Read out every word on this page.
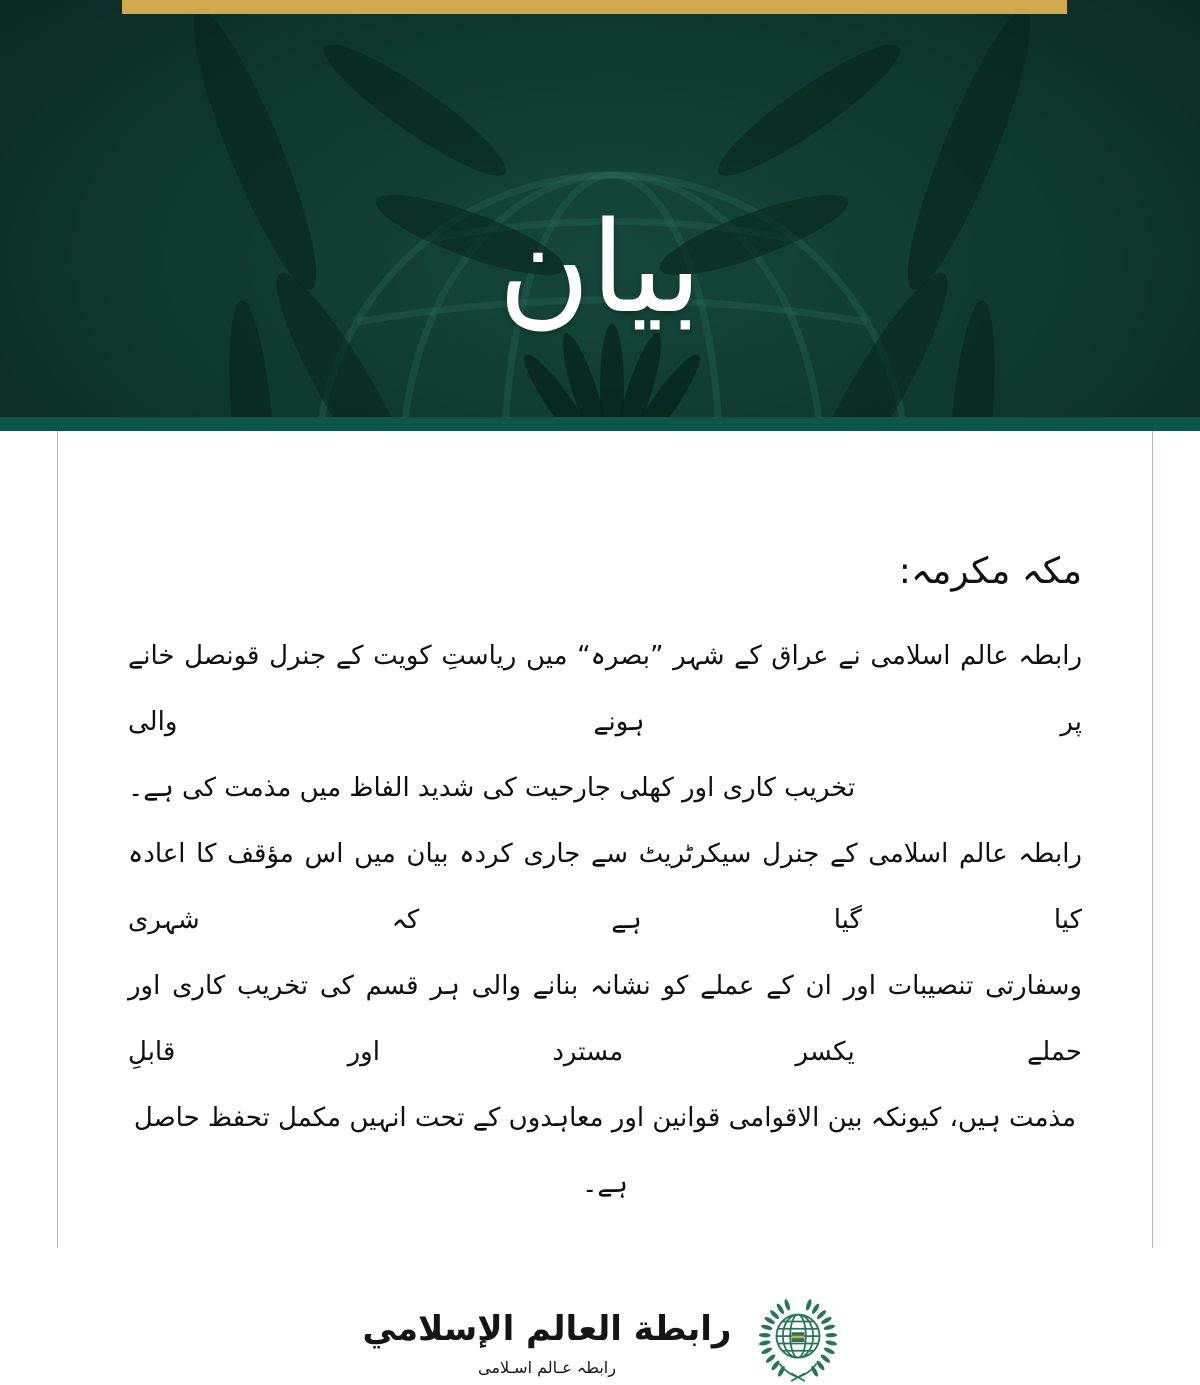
بیان
مکہ مکرمہ:

رابطہ عالم اسلامی نے عراق کے شہر ”بصرہ“ میں ریاستِ کویت کے جنرل قونصل خانے پر ہونے والی
تخریب کاری اور کھلی جارحیت کی شدید الفاظ میں مذمت کی ہے۔

رابطہ عالم اسلامی کے جنرل سیکرٹریٹ سے جاری کردہ بیان میں اس مؤقف کا اعادہ کیا گیا ہے کہ شہری
وسفارتی تنصیبات اور ان کے عملے کو نشانہ بنانے والی ہر قسم کی تخریب کاری اور حملے یکسر مسترد اور قابلِ
مذمت ہیں، کیونکہ بین الاقوامی قوانین اور معاہدوں کے تحت انہیں مکمل تحفظ حاصل ہے۔

رابطة العالم الإسلامي
رابطہ عـالم اسـلامی
